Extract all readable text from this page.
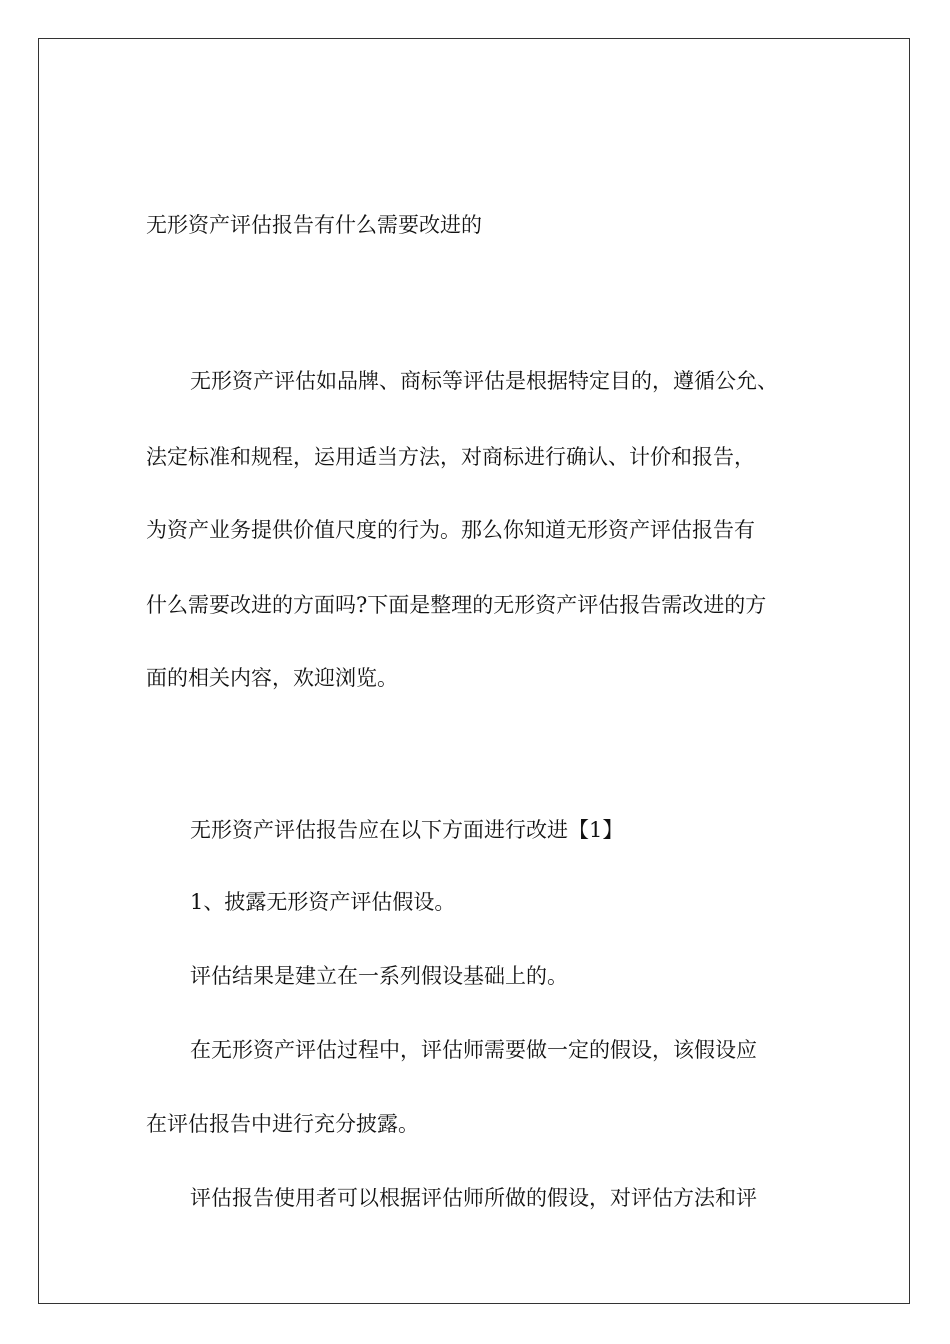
无形资产评估报告有什么需要改进的

无形资产评估如品牌、商标等评估是根据特定目的，遵循公允、

法定标准和规程，运用适当方法，对商标进行确认、计价和报告，

为资产业务提供价值尺度的行为。那么你知道无形资产评估报告有

什么需要改进的方面吗?下面是整理的无形资产评估报告需改进的方

面的相关内容，欢迎浏览。

无形资产评估报告应在以下方面进行改进【1】

1、披露无形资产评估假设。

评估结果是建立在一系列假设基础上的。

在无形资产评估过程中，评估师需要做一定的假设，该假设应

在评估报告中进行充分披露。

评估报告使用者可以根据评估师所做的假设，对评估方法和评
